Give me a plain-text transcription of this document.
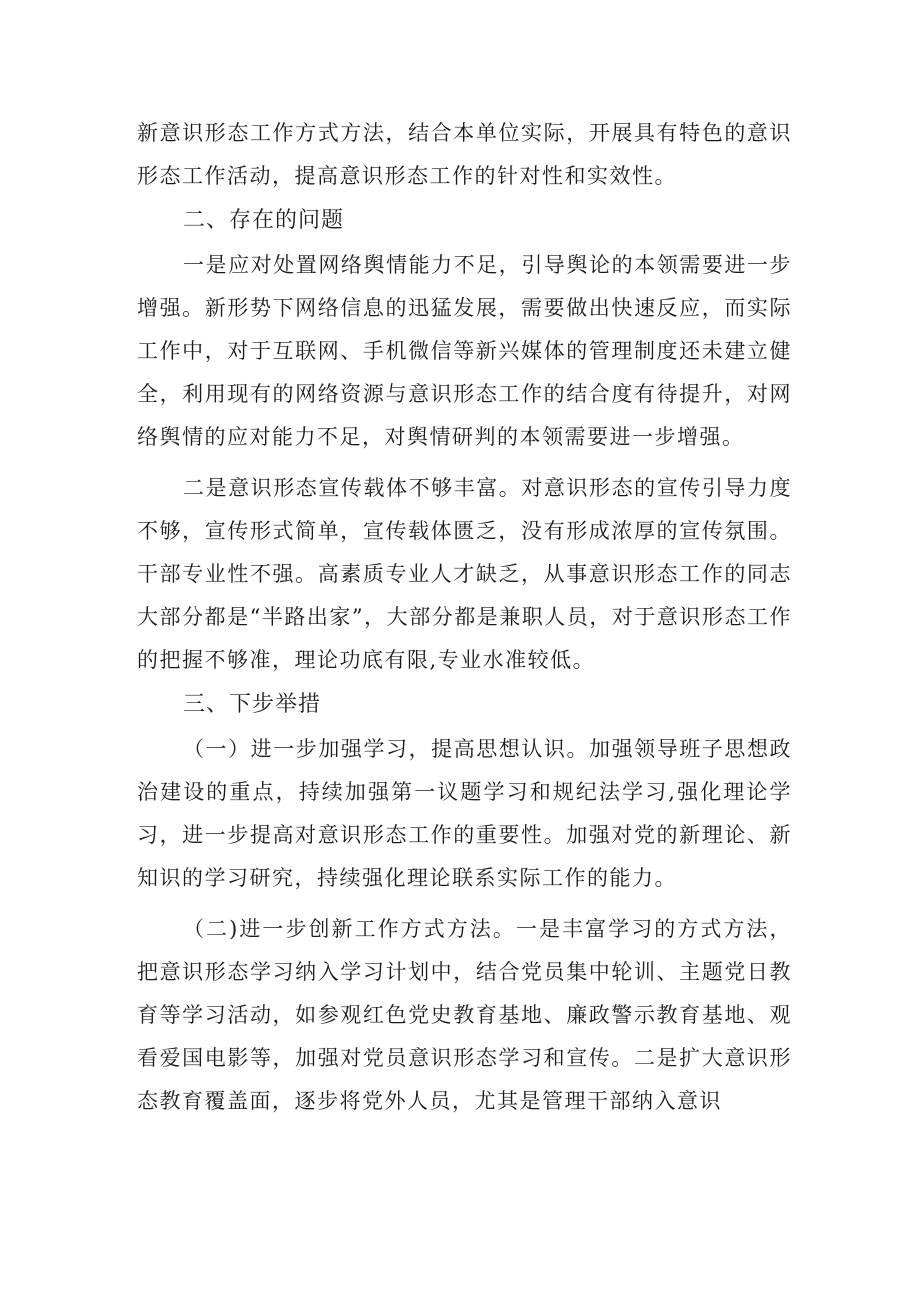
新意识形态工作方式方法，结合本单位实际，开展具有特色的意识形态工作活动，提高意识形态工作的针对性和实效性。

二、存在的问题

一是应对处置网络舆情能力不足，引导舆论的本领需要进一步增强。新形势下网络信息的迅猛发展，需要做出快速反应，而实际工作中，对于互联网、手机微信等新兴媒体的管理制度还未建立健全，利用现有的网络资源与意识形态工作的结合度有待提升，对网络舆情的应对能力不足，对舆情研判的本领需要进一步增强。

二是意识形态宣传载体不够丰富。对意识形态的宣传引导力度不够，宣传形式简单，宣传载体匮乏，没有形成浓厚的宣传氛围。干部专业性不强。高素质专业人才缺乏，从事意识形态工作的同志大部分都是“半路出家”，大部分都是兼职人员，对于意识形态工作的把握不够准，理论功底有限,专业水准较低。

三、下步举措

（一）进一步加强学习，提高思想认识。加强领导班子思想政治建设的重点，持续加强第一议题学习和规纪法学习,强化理论学习，进一步提高对意识形态工作的重要性。加强对党的新理论、新知识的学习研究，持续强化理论联系实际工作的能力。

（二)进一步创新工作方式方法。一是丰富学习的方式方法，把意识形态学习纳入学习计划中，结合党员集中轮训、主题党日教育等学习活动，如参观红色党史教育基地、廉政警示教育基地、观看爱国电影等，加强对党员意识形态学习和宣传。二是扩大意识形态教育覆盖面，逐步将党外人员，尤其是管理干部纳入意识
